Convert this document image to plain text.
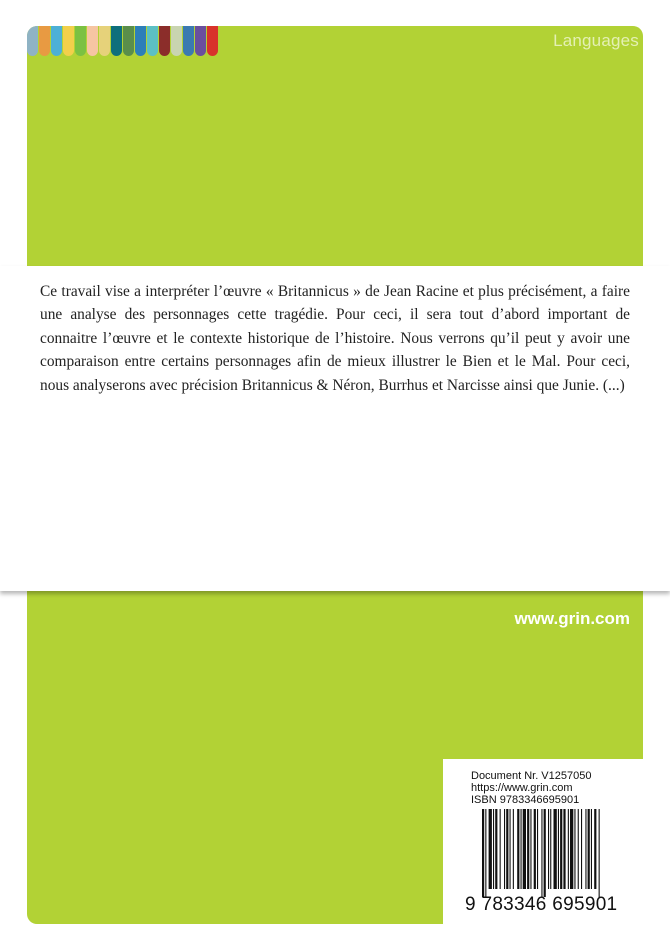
Languages

Ce travail vise a interpréter l’œuvre « Britannicus » de Jean Racine et plus précisément, a faire une analyse des personnages cette tragédie. Pour ceci, il sera tout d’abord important de connaitre l’œuvre et le contexte historique de l’histoire. Nous verrons qu’il peut y avoir une comparaison entre certains personnages afin de mieux illustrer le Bien et le Mal. Pour ceci, nous analyserons avec précision Britannicus & Néron, Burrhus et Narcisse ainsi que Junie. (...)

www.grin.com
Document Nr. V1257050
https://www.grin.com
ISBN 9783346695901
9 783346 695901
